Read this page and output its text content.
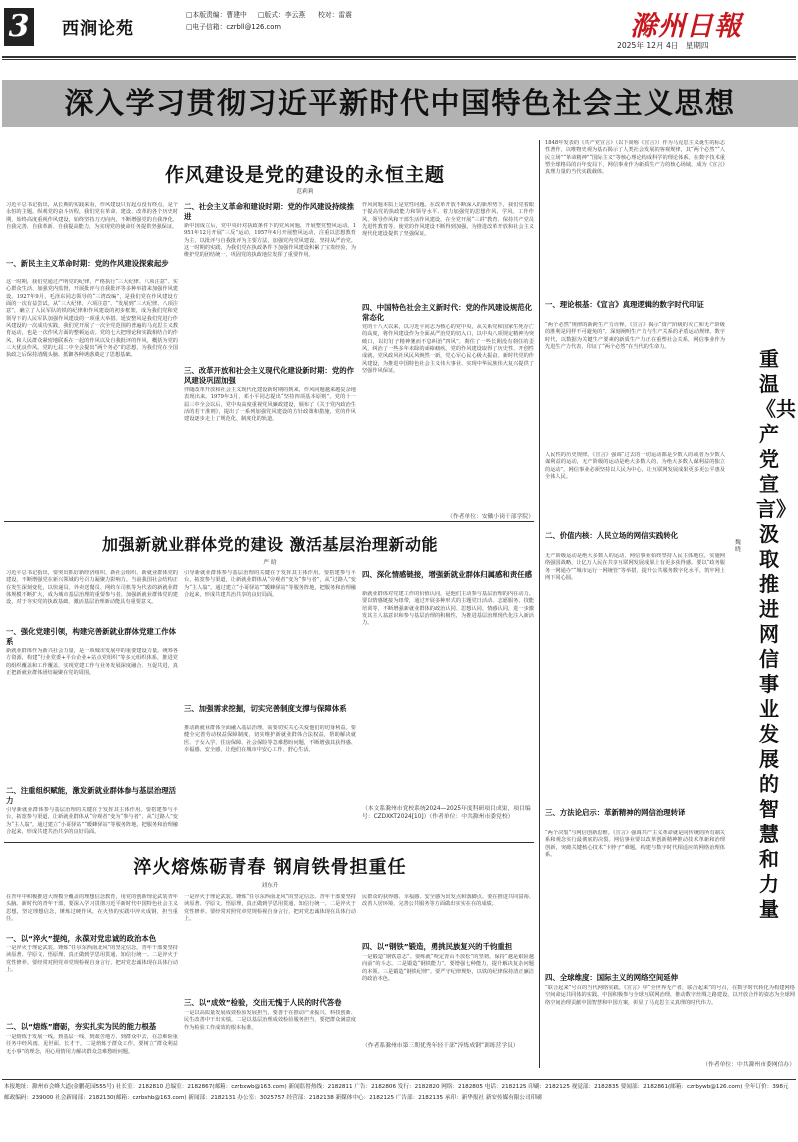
3 西涧论苑
□本版责编：曹建中 □版式：李云燕 校对：雷震
□电子信箱：czrbll@126.com	滁州日報
2025年 12月 4日 星期四
深入学习贯彻习近平新时代中国特色社会主义思想
作风建设是党的建设的永恒主题
范莉莉
习近平总书记指出，从长期的实践来看，作风建设只有起点没有终点，是个永恒的主题。纵观党的奋斗历程，我们党在革命、建设、改革的各个历史时期，始终高度重视作风建设，始终坚持刀刃向内，不断增强党的自我净化、自我完善、自我革新、自我提高能力，为实现党的使命任务提供坚强保证。
一、新民主主义革命时期：党的作风建设探索起步
这一时期，我们党通过严明党的纪律、严格执行“三大纪律、八项注意”、实心群众生活、加强党内监督，开展批评与自我批评等多种举措来加强作风建设。1927年9月，毛泽东同志领导的“三湾改编”，是我们党在作风建设方面的一次有益尝试。从“三大纪律、六项注意”、“发展到“三大纪律、八项注意”，确立了人民军队的铁的纪律和作风建设的初步框架，成为我们党和党领导下的人民军队加强作风建设的一项重大举措。延安整风是我们党进行作风建设的一次成功实践，我们党开展了一次全党范围的普遍的马克思主义教育运动，也是一次作风方面的整顿运动。党的七大把理论和实践相结合的作风、和人民群众紧密地联系在一起的作风以及自我批评的作风，概括为党的三大优良作风。党的七届二中全会提出“两个务必”的思想，为我们党在全国执政之后保持清醒头脑、抵御各种诱惑奠定了思想基础。
二、社会主义革命和建设时期：党的作风建设持续推进
新中国成立后，党中央针对执政条件下的党风问题，开展整党整风运动。1951年12月开展“三反”运动，1957年4月开展整风运动，注重以思想教育为主、以批评与自我批评为主要方法，加强党内党风建设，坚持从严治党。这一时期的实践，为我们党在执政条件下加强作风建设积累了宝贵经验，为维护党的团结统一、巩固党的执政地位发挥了重要作用。
三、改革开放和社会主义现代化建设新时期：党的作风建设巩固加强
伴随改革开放和社会主义现代化建设新时期的到来，作风问题越来越复杂地表现出来。1979年3月，邓小平同志提出“坚持四项基本原则”，党的十一届三中全会以后，党中央高度重视党风廉政建设，颁布了《关于党内政治生活的若干准则》，提出了一系列加强党风建设的方针政策和措施，党的作风建设逐步走上了规范化、制度化的轨道。
作风问题本质上是党性问题。在改革开放不断深入的新形势下，我们党着眼于提高党的执政能力和领导水平、着力加强党的思想作风、学风、工作作风、领导作风和干部生活作风建设，在全党开展“三讲”教育、保持共产党员先进性教育等，使党的作风建设不断得到加强，为推进改革开放和社会主义现代化建设提供了坚强保证。
四、中国特色社会主义新时代：党的作风建设规范化常态化
党的十八大以来，以习近平同志为核心的党中央，从关系党和国家生死存亡的高度，将作风建设作为全面从严治党的切入口，以中央八项规定精神为突破口，以钉钉子精神驰而不息纠治“四风”，刹住了一些长期没有刹住的歪风，纠治了一些多年未除的顽瘴痼疾。党的作风建设取得了历史性、开创性成就，党风政风社风民风焕然一新，党心军心民心极大振奋。新时代党的作风建设，为推进中国特色社会主义伟大事业、实现中华民族伟大复兴提供了坚强作风保证。
（作者单位：安徽小岗干部学院）
加强新就业群体党的建设 激活基层治理新动能
严 晗
习近平总书记指出，要突出抓好新经济组织、新社会组织、新就业群体党的建设，不断增强党在新兴领域的号召力凝聚力影响力。当前我国社会结构正在发生深刻变化，以快递员、外卖送餐员、网约车司机等为代表的新就业群体规模不断扩大，成为城市基层治理的重要参与者。加强新就业群体党的建设，对于夯实党的执政基础，激活基层治理新动能具有重要意义。
一、强化党建引领，构建完善新就业群体党建工作体系
新就业群体作为新兴社会力量，是一项城市发展中的重要建设力量。统筹各方资源，构建“行业党委+平台企业+站点党组织”等多元组织体系，推进党的组织覆盖和工作覆盖，实现党建工作与业务发展深度融合、互促共进，真正把新就业群体团结凝聚在党的周围。
二、注重组织赋能，激发新就业群体参与基层治理活力
引导新就业群体参与基层治理的关键在于发挥其主体作用。要搭建参与平台，拓宽参与渠道，让新就业群体从“旁观者”变为“参与者”，从“过路人”变为“主人翁”。通过建立“小哥驿站”“暖蜂驿站”等服务阵地，把服务和治理融合起来，形成共建共治共享的良好局面。
引导新就业群体参与基层治理的关键在于发挥其主体作用。要搭建参与平台，拓宽参与渠道，让新就业群体从“旁观者”变为“参与者”，从“过路人”变为“主人翁”。通过建立“小哥驿站”“暖蜂驿站”等服务阵地，把服务和治理融合起来，形成共建共治共享的良好局面。
三、加强需求挖掘，切实完善制度支撑与保障体系
推动新就业群体全面融入基层治理，需要切实关心关爱他们的切身利益。要健全完善劳动权益保障制度，切实维护新就业群体合法权益，帮助解决就医、子女入学、住房保障、社会保险等急难愁盼问题，不断增强其获得感、幸福感、安全感，让他们在城市中安心工作、舒心生活。
四、深化情感链接，增强新就业群体归属感和责任感
新就业群体对党建工作的价值认同，是他们主动参与基层治理的内在动力。要以情感链接为纽带，通过开展多种形式的主题党日活动、志愿服务、技能培训等，不断增强新就业群体的政治认同、思想认同、情感认同，进一步激发其主人翁意识和参与基层治理的积极性，为推进基层治理现代化注入新活力。
（本文系滁州市党校系统2024—2025年度科研项目成果，项目编号：CZDXKT2024[10]）（作者单位：中共滁州市委党校）
淬火熔炼砺青春 钢肩铁骨担重任
刘东升
在青年中积极推进大规模全覆盖的理想信念教育，用党的创新理论武装青年头脑。新时代的青年干部，要深入学习贯彻习近平新时代中国特色社会主义思想，坚定理想信念，锤炼过硬作风，在火热的实践中淬火成钢、担当重任。
一、以“淬火”提纯，永葆对党忠诚的政治本色
一是淬火于理论武装。锤炼“任尔东西南北风”的坚定信念。青年干部要坚持读原著、学原文、悟原理，真正做到学思用贯通、知信行统一。二是淬火于党性修养。要经常对照党章党规检视自身言行，把对党忠诚体现在具体行动上。
二、以“熔炼”磨砺，夯实扎实为民的能力根基
一是熔炼于发展一线。到基层一线、到艰苦地方、到群众中去，在急难险重任务中经风雨、见世面、长才干。二是熔炼于群众工作。要树立“群众利益无小事”的理念，用心用情用力解决群众急难愁盼问题。
一是淬火于理论武装。锤炼“任尔东西南北风”的坚定信念。青年干部要坚持读原著、学原文、悟原理，真正做到学思用贯通、知信行统一。二是淬火于党性修养。要经常对照党章党规检视自身言行，把对党忠诚体现在具体行动上。
三、以“成效”检验，交出无愧于人民的时代答卷
一是以高质量发展成效检验发展担当，要善于在推动产业振兴、科技创新、民生改善中干出实绩。二是以基层治理成效检验服务担当，要把群众满意度作为检验工作成效的根本标准。
民群众的获得感、幸福感、安全感为出发点和落脚点。要在推进共同富裕、改善人居环境、完善公共服务等方面做出实实在在的成绩。
四、以“钢铁”锻造，勇挑民族复兴的千钧重担
一是锻造“钢铁意志”。要练就“咬定青山不放松”的坚韧，保持“越是艰险越向前”的斗志。二是锻造“钢铁能力”。要增强七种能力，提升解决复杂问题的本领。三是锻造“钢铁纪律”。要严守纪律规矩，以铁的纪律保持清正廉洁的政治本色。
（作者系滁州市第三期优秀年轻干部“淬炼成钢”训练营学员）
重温《共产党宣言》汲取推进网信事业发展的智慧和力量
魏 晓
1848年发表的《共产党宣言》（以下简称《宣言》）作为马克思主义诞生的标志性著作，以唯物史观为基石揭示了人类社会发展的客观规律，其“两个必然”“人民立场”“革命精神”“国际主义”等核心理论构成科学的理论体系。在数字技术重塑全球格局的百年变局下，网信事业作为新质生产力的核心场域，成为《宣言》真理力量的当代实践载体。
一、理论根基：《宣言》真理逻辑的数字时代印证
“两个必然”规律的新跨生产力诠释。《宣言》揭示“资产阶级的灭亡和无产阶级的胜利是同样不可避免的”，深刻阐明生产力与生产关系的矛盾运动规律。数字时代，以数据为关键生产要素的新质生产力正在重塑社会关系，网信事业作为先进生产力代表，印证了“两个必然”在当代的生命力。
人民性的历史规律。《宣言》强调“过去的一切运动都是少数人的或者为少数人谋利益的运动，无产阶级的运动是绝大多数人的、为绝大多数人谋利益的独立的运动”。网信事业必须坚持以人民为中心，让互联网发展成果更多更公平惠及全体人民。
二、价值内核：人民立场的网信实践转化
无产阶级运动是绝大多数人的运动，网信事业始终坚持人民主体地位，实施网络强国战略，让亿万人民在共享互联网发展成果上有更多获得感。要以“政务服务一网通办”“城市运行一网统管”等举措，提升公共服务数字化水平，筑牢网上网下同心圆。
三、方法论启示：革新精神的网信治理转译
“两个决裂”与网信创新思维。《宣言》强调共产主义革命就是同传统的所有制关系和观念实行最彻底的决裂。网信事业要以改革创新精神推动技术革新和治理创新，突破关键核心技术“卡脖子”难题，构建与数字时代相适应的网络治理体系。
四、全球维度：国际主义的网络空间延伸
“联合起来”号召的当代网络实践。《宣言》中“全世界无产者，联合起来”的号召，在数字时代转化为构建网络空间命运共同体的实践。中国积极参与全球互联网治理，推动数字丝绸之路建设，以开放合作的姿态为全球网络空间治理贡献中国智慧和中国方案，彰显了马克思主义真理的时代伟力。
（作者单位：中共滁州市委网信办）
本报地址：滁州市会峰大道(金鹏花园555号) 社长室：2182810 总编室：2182867(邮箱：czrbxwb@163.com) 新闻监督热线：2182811 广告：2182806 发行：2182820 网络：2182805 电话：2182125 印刷：2182125 视觉部：2182835 要闻部：2182861(邮箱：czrbywb@126.com) 全年订价：398元
邮政编码：239000 社会新闻部：2182130(邮箱：czrbshb@163.com) 新闻部：2182131 办公室：3025757 经营部：2182138 新媒体中心：2182125 广告部：2182135 承印：新华报社 新安传媒有限公司印刷
